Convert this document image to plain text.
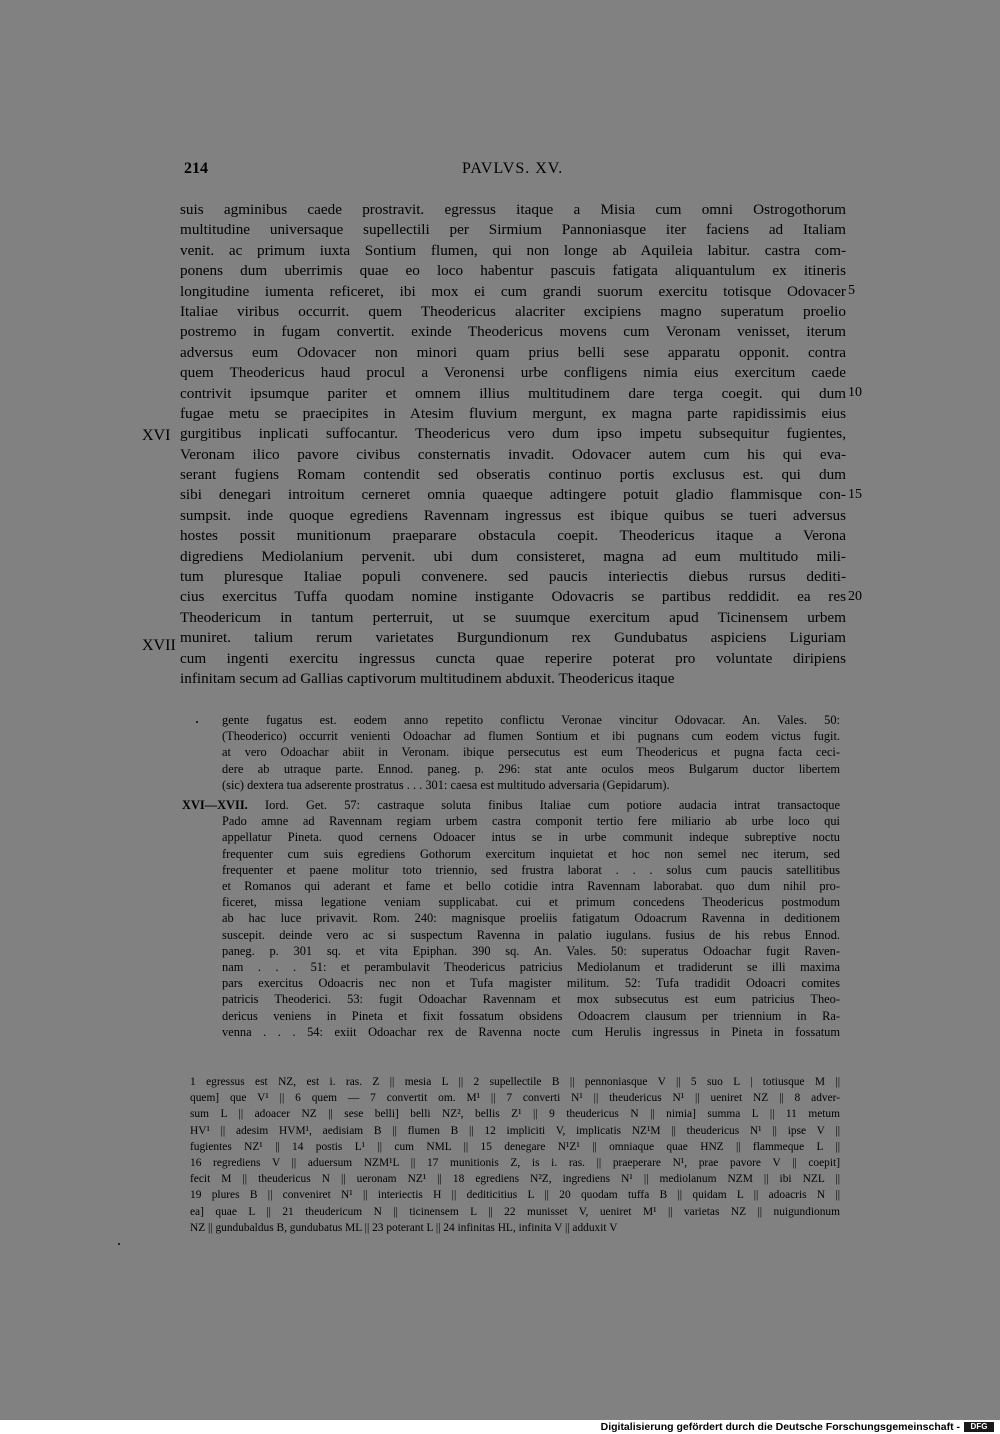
214	PAVLVS. XV.
suis agminibus caede prostravit. egressus itaque a Misia cum omni Ostrogothorum
multitudine universaque supellectili per Sirmium Pannoniasque iter faciens ad Italiam
venit. ac primum iuxta Sontium flumen, qui non longe ab Aquileia labitur. castra com-
ponens dum uberrimis quae eo loco habentur pascuis fatigata aliquantulum ex itineris
longitudine iumenta reficeret, ibi mox ei cum grandi suorum exercitu totisque Odovacer
Italiae viribus occurrit. quem Theodericus alacriter excipiens magno superatum proelio
postremo in fugam convertit. exinde Theodericus movens cum Veronam venisset, iterum
adversus eum Odovacer non minori quam prius belli sese apparatu opponit. contra
quem Theodericus haud procul a Veronensi urbe confligens nimia eius exercitum caede
contrivit ipsumque pariter et omnem illius multitudinem dare terga coegit. qui dum
fugae metu se praecipites in Atesim fluvium mergunt, ex magna parte rapidissimis eius
gurgitibus inplicati suffocantur. Theodericus vero dum ipso impetu subsequitur fugientes,
Veronam ilico pavore civibus consternatis invadit. Odovacer autem cum his qui eva-
serant fugiens Romam contendit sed obseratis continuo portis exclusus est. qui dum
sibi denegari introitum cerneret omnia quaeque adtingere potuit gladio flammisque con-
sumpsit. inde quoque egrediens Ravennam ingressus est ibique quibus se tueri adversus
hostes possit munitionum praeparare obstacula coepit. Theodericus itaque a Verona
digrediens Mediolanium pervenit. ubi dum consisteret, magna ad eum multitudo mili-
tum pluresque Italiae populi convenere. sed paucis interiectis diebus rursus dediti-
cius exercitus Tuffa quodam nomine instigante Odovacris se partibus reddidit. ea res
Theodericum in tantum perterruit, ut se suumque exercitum apud Ticinensem urbem
muniret. talium rerum varietates Burgundionum rex Gundubatus aspiciens Liguriam
cum ingenti exercitu ingressus cuncta quae reperire poterat pro voluntate diripiens
infinitam secum ad Gallias captivorum multitudinem abduxit. Theodericus itaque
5
10
15
20
XVI
XVII
gente fugatus est. eodem anno repetito conflictu Veronae vincitur Odovacar. An. Vales. 50:
(Theoderico) occurrit venienti Odoachar ad flumen Sontium et ibi pugnans cum eodem victus fugit.
at vero Odoachar abiit in Veronam. ibique persecutus est eum Theodericus et pugna facta ceci-
dere ab utraque parte. Ennod. paneg. p. 296: stat ante oculos meos Bulgarum ductor libertem
(sic) dextera tua adserente prostratus . . . 301: caesa est multitudo adversaria (Gepidarum).
XVI—XVII. Iord. Get. 57: castraque soluta finibus Italiae cum potiore audacia intrat transactoque
Pado amne ad Ravennam regiam urbem castra componit tertio fere miliario ab urbe loco qui
appellatur Pineta. quod cernens Odoacer intus se in urbe communit indeque subreptive noctu
frequenter cum suis egrediens Gothorum exercitum inquietat et hoc non semel nec iterum, sed
frequenter et paene molitur toto triennio, sed frustra laborat . . . solus cum paucis satellitibus
et Romanos qui aderant et fame et bello cotidie intra Ravennam laborabat. quo dum nihil pro-
ficeret, missa legatione veniam supplicabat. cui et primum concedens Theodericus postmodum
ab hac luce privavit. Rom. 240: magnisque proeliis fatigatum Odoacrum Ravenna in deditionem
suscepit. deinde vero ac si suspectum Ravenna in palatio iugulans. fusius de his rebus Ennod.
paneg. p. 301 sq. et vita Epiphan. 390 sq. An. Vales. 50: superatus Odoachar fugit Raven-
nam . . . 51: et perambulavit Theodericus patricius Mediolanum et tradiderunt se illi maxima
pars exercitus Odoacris nec non et Tufa magister militum. 52: Tufa tradidit Odoacri comites
patricis Theoderici. 53: fugit Odoachar Ravennam et mox subsecutus est eum patricius Theo-
dericus veniens in Pineta et fixit fossatum obsidens Odoacrem clausum per triennium in Ra-
venna . . . 54: exiit Odoachar rex de Ravenna nocte cum Herulis ingressus in Pineta in fossatum
1 egressus est NZ, est i. ras. Z || mesia L || 2 supellectile B || pennoniasque V || 5 suo L | totiusque M ||
quem] que V¹ || 6 quem — 7 convertit om. M¹ || 7 converti N¹ || theudericus N¹ || ueniret NZ || 8 adver-
sum L || adoacer NZ || sese belli] belli NZ², bellis Z¹ || 9 theudericus N || nimia] summa L || 11 metum
HV¹ || adesim HVM¹, aedisiam B || flumen B || 12 impliciti V, implicatis NZ¹M || theudericus N¹ || ipse V ||
fugientes NZ¹ || 14 postis L¹ || cum NML || 15 denegare N¹Z¹ || omniaque quae HNZ || flammeque L ||
16 regrediens V || aduersum NZM¹L || 17 munitionis Z, is i. ras. || praeperare N¹, prae pavore V || coepit]
fecit M || theudericus N || ueronam NZ¹ || 18 egrediens N²Z, ingrediens N¹ || mediolanum NZM || ibi NZL ||
19 plures B || conveniret N¹ || interiectis H || dediticitius L || 20 quodam tuffa B || quidam L || adoacris N ||
ea] quae L || 21 theudericum N || ticinensem L || 22 munisset V, ueniret M¹ || varietas NZ || nuigundionum
NZ || gundubaldus B, gundubatus ML || 23 poterant L || 24 infinitas HL, infinita V || adduxit V
Digitalisierung gefördert durch die Deutsche Forschungsgemeinschaft -	DFG
